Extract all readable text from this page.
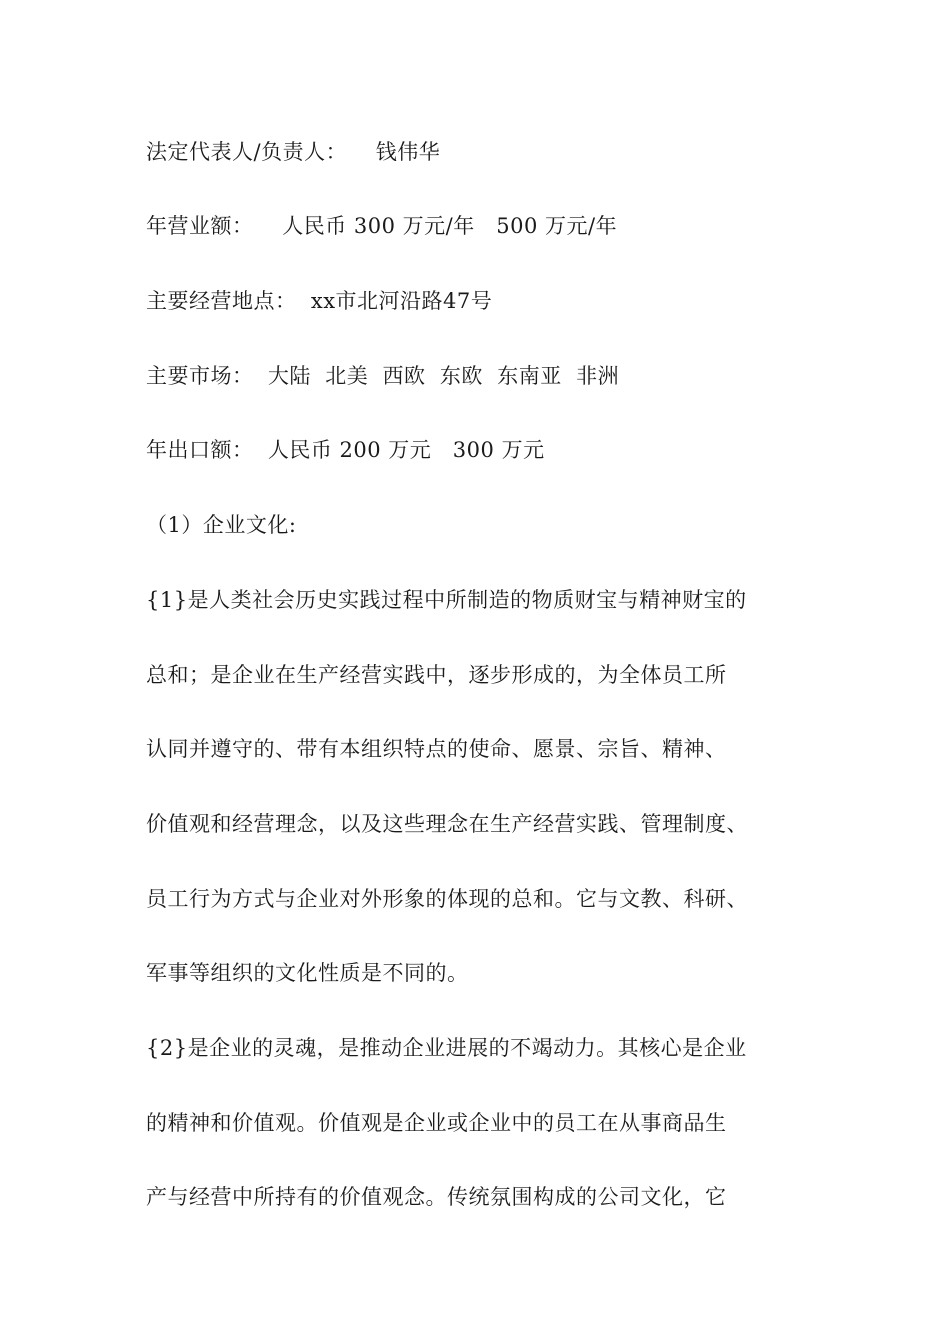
法定代表人/负责人：    钱伟华
年营业额：    人民币 300 万元/年   500 万元/年
主要经营地点：  xx市北河沿路47号
主要市场：  大陆  北美  西欧  东欧  东南亚  非洲
年出口额：  人民币 200 万元   300 万元
（1）企业文化:
{1}是人类社会历史实践过程中所制造的物质财宝与精神财宝的
总和；是企业在生产经营实践中，逐步形成的，为全体员工所
认同并遵守的、带有本组织特点的使命、愿景、宗旨、精神、
价值观和经营理念，以及这些理念在生产经营实践、管理制度、
员工行为方式与企业对外形象的体现的总和。它与文教、科研、
军事等组织的文化性质是不同的。
{2}是企业的灵魂，是推动企业进展的不竭动力。其核心是企业
的精神和价值观。价值观是企业或企业中的员工在从事商品生
产与经营中所持有的价值观念。传统氛围构成的公司文化，它
